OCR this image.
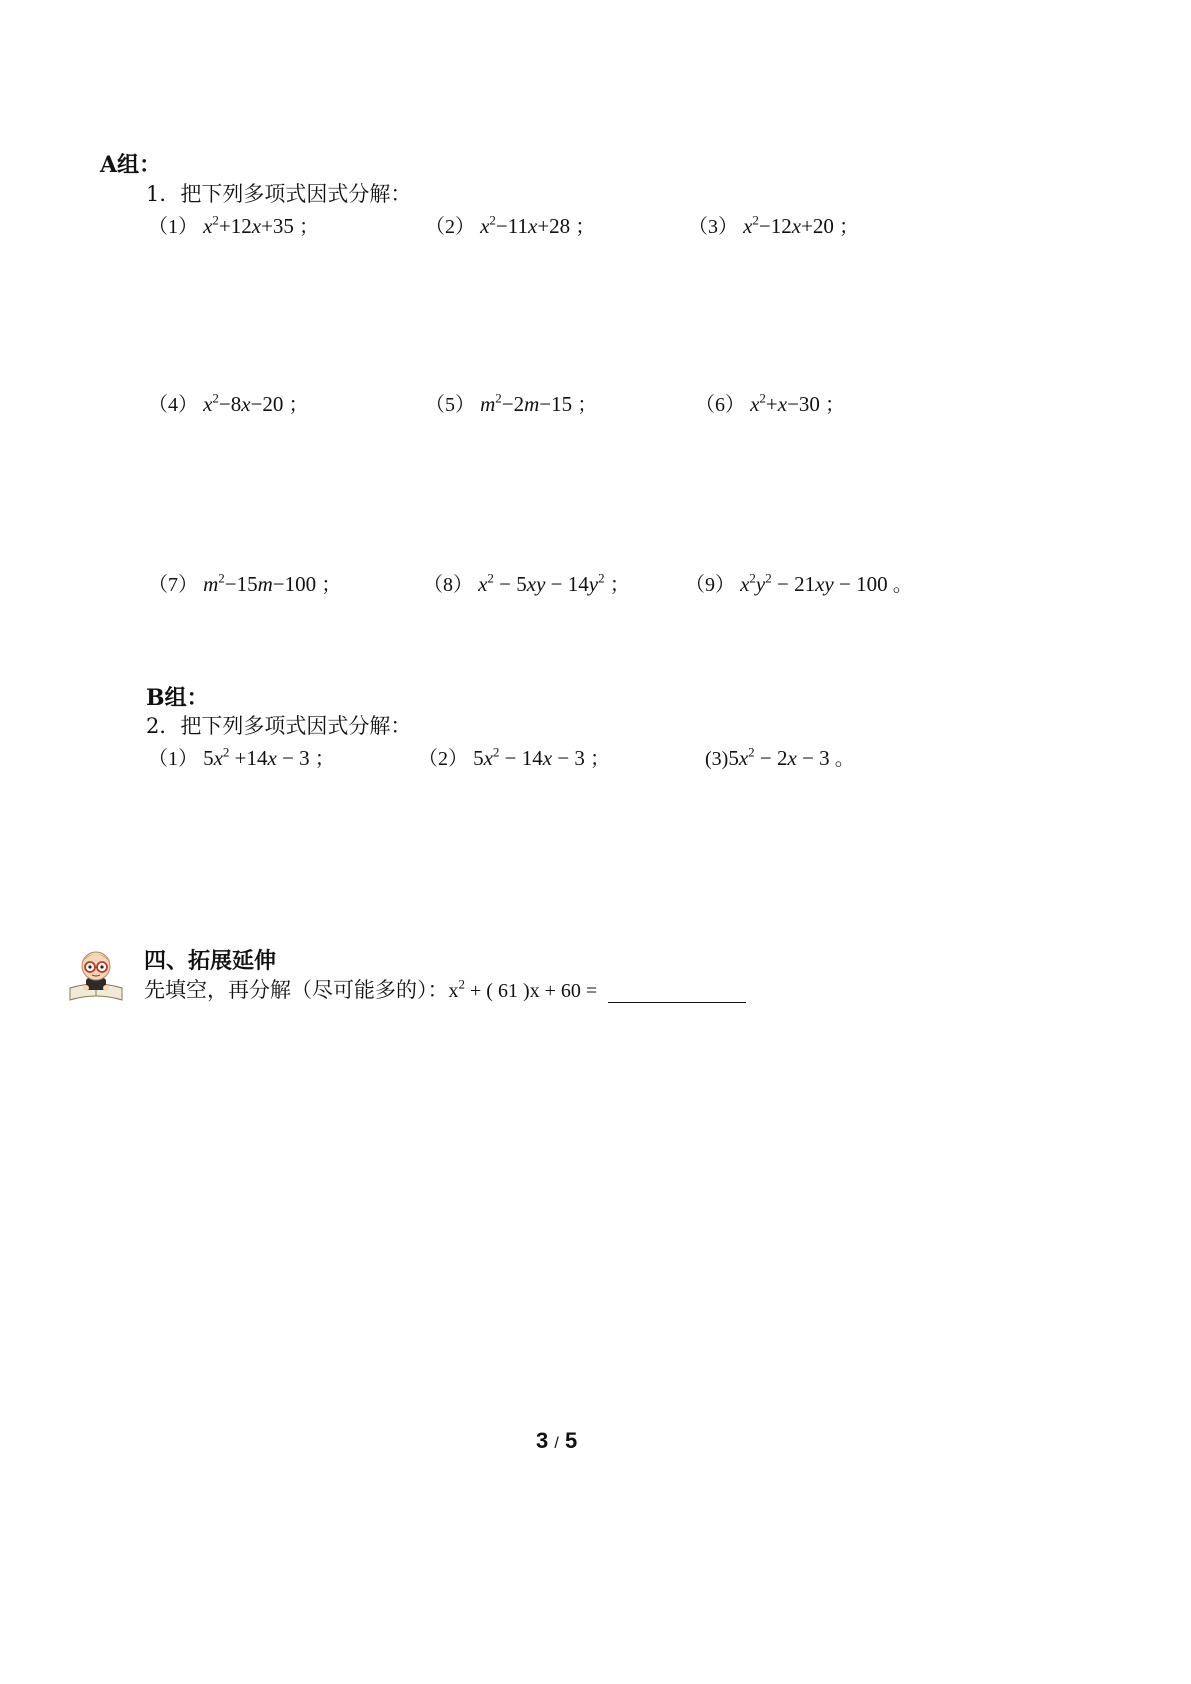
A组：
1．把下列多项式因式分解：
（1） $x^2+12x+35$ ；	（2） $x^2-11x+28$ ；	（3） $x^2-12x+20$ ；
（4） $x^2-8x-20$ ；	（5） $m^2-2m-15$ ；	（6） $x^2+x-30$ ；
（7） $m^2-15m-100$ ；	（8） $x^2 - 5xy - 14y^2$ ；	（9） $x^2y^2 - 21xy - 100$ 。
B组：
2．把下列多项式因式分解：
（1） $5x^2 +14x - 3$ ；	（2） $5x^2 - 14x - 3$ ；	$(3)5x^2 - 2x - 3$ 。
四、拓展延伸
先填空，再分解（尽可能多的）：$x^2$ + ( 61 )x + 60 =
3 / 5
